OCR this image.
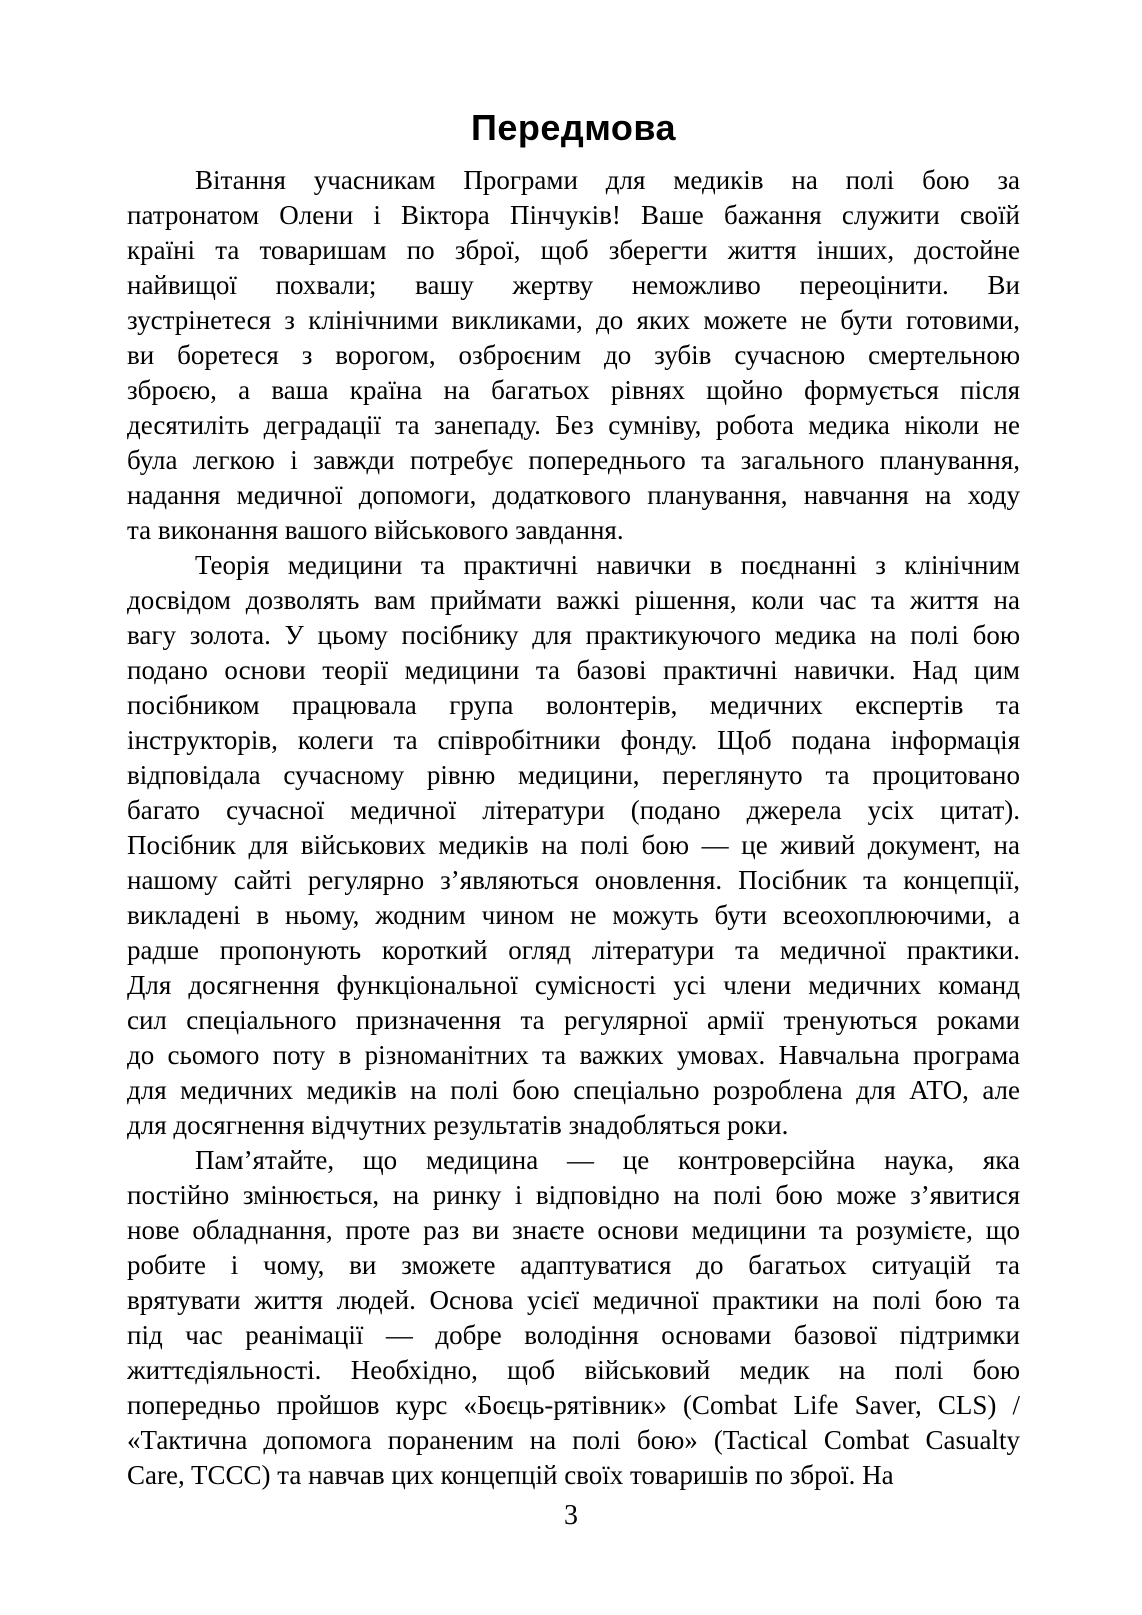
Передмова
Вітання учасникам Програми для медиків на полі бою за
патронатом Олени і Віктора Пінчуків! Ваше бажання служити своїй
країні та товаришам по зброї, щоб зберегти життя інших, достойне
найвищої похвали; вашу жертву неможливо переоцінити. Ви
зустрінетеся з клінічними викликами, до яких можете не бути готовими,
ви боретеся з ворогом, озброєним до зубів сучасною смертельною
зброєю, а ваша країна на багатьох рівнях щойно формується після
десятиліть деградації та занепаду. Без сумніву, робота медика ніколи не
була легкою і завжди потребує попереднього та загального планування,
надання медичної допомоги, додаткового планування, навчання на ходу
та виконання вашого військового завдання.
Теорія медицини та практичні навички в поєднанні з клінічним
досвідом дозволять вам приймати важкі рішення, коли час та життя на
вагу золота. У цьому посібнику для практикуючого медика на полі бою
подано основи теорії медицини та базові практичні навички. Над цим
посібником працювала група волонтерів, медичних експертів та
інструкторів, колеги та співробітники фонду. Щоб подана інформація
відповідала сучасному рівню медицини, переглянуто та процитовано
багато сучасної медичної літератури (подано джерела усіх цитат).
Посібник для військових медиків на полі бою — це живий документ, на
нашому сайті регулярно з’являються оновлення. Посібник та концепції,
викладені в ньому, жодним чином не можуть бути всеохоплюючими, а
радше пропонують короткий огляд літератури та медичної практики.
Для досягнення функціональної сумісності усі члени медичних команд
сил спеціального призначення та регулярної армії тренуються роками
до сьомого поту в різноманітних та важких умовах. Навчальна програма
для медичних медиків на полі бою спеціально розроблена для АТО, але
для досягнення відчутних результатів знадобляться роки.
Пам’ятайте, що медицина — це контроверсійна наука, яка
постійно змінюється, на ринку і відповідно на полі бою може з’явитися
нове обладнання, проте раз ви знаєте основи медицини та розумієте, що
робите і чому, ви зможете адаптуватися до багатьох ситуацій та
врятувати життя людей. Основа усієї медичної практики на полі бою та
під час реанімації — добре володіння основами базової підтримки
життєдіяльності. Необхідно, щоб військовий медик на полі бою
попередньо пройшов курс «Боєць-рятівник» (Combat Life Saver, CLS) /
«Тактична допомога пораненим на полі бою» (Tactical Combat Casualty
Care, TCCC) та навчав цих концепцій своїх товаришів по зброї. На
3
